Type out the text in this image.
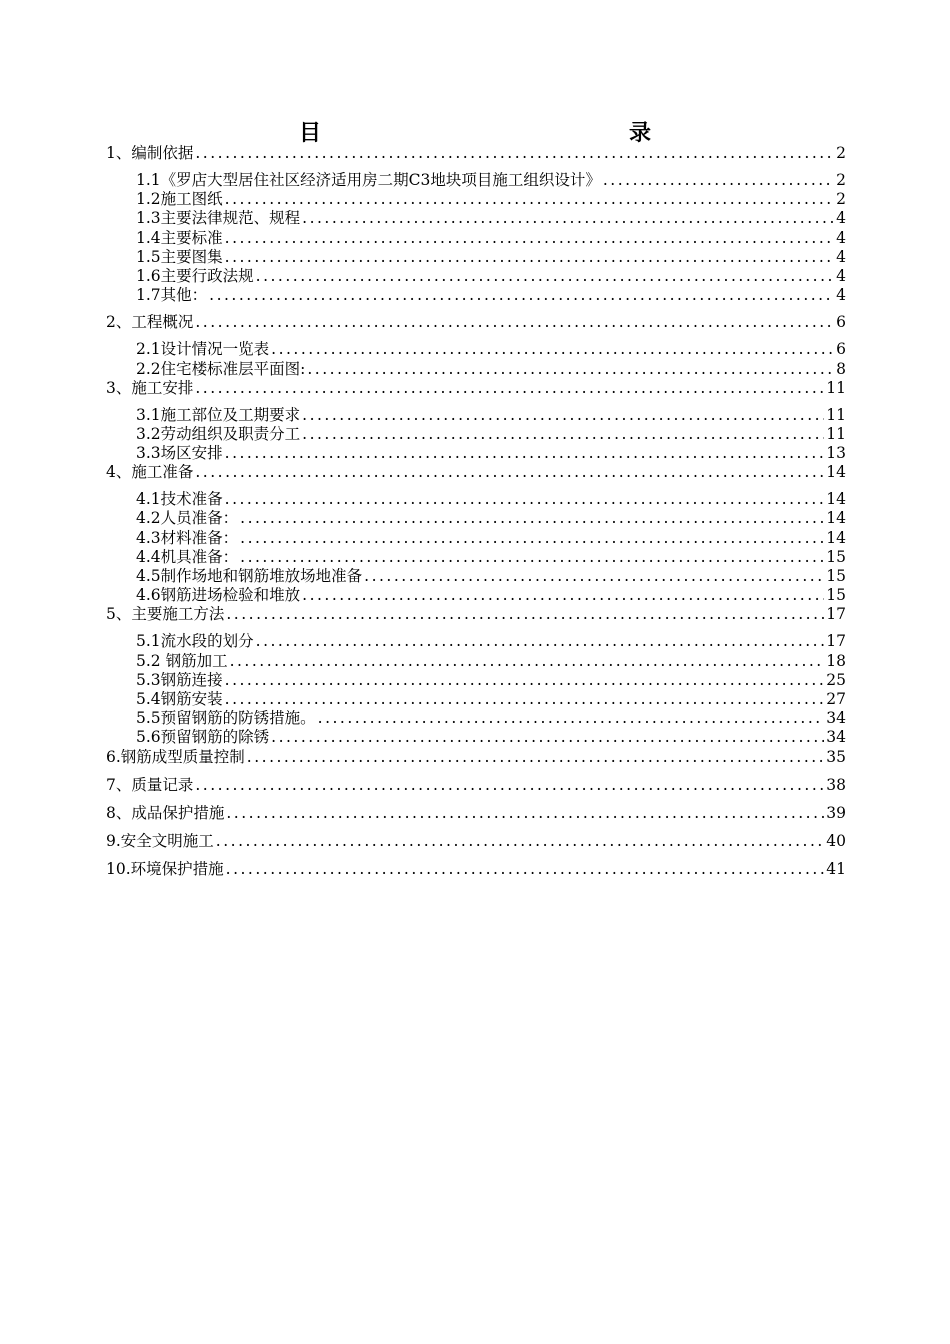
目　　录
1、编制依据 .....	2
1.1《罗店大型居住社区经济适用房二期C3地块项目施工组织设计》 .....	2
1.2施工图纸 .....	2
1.3主要法律规范、规程 .....	4
1.4主要标准 .....	4
1.5主要图集 .....	4
1.6主要行政法规 .....	4
1.7其他： .....	4
2、工程概况 .....	6
2.1设计情况一览表 .....	6
2.2住宅楼标准层平面图: .....	8
3、施工安排 .....	11
3.1施工部位及工期要求 .....	11
3.2劳动组织及职责分工 .....	11
3.3场区安排 .....	13
4、施工准备 .....	14
4.1技术准备 .....	14
4.2人员准备： .....	14
4.3材料准备： .....	14
4.4机具准备： .....	15
4.5制作场地和钢筋堆放场地准备 .....	15
4.6钢筋进场检验和堆放 .....	15
5、主要施工方法 .....	17
5.1流水段的划分 .....	17
5.2 钢筋加工 .....	18
5.3钢筋连接 .....	25
5.4钢筋安装 .....	27
5.5预留钢筋的防锈措施。 .....	34
5.6预留钢筋的除锈 .....	34
6.钢筋成型质量控制 .....	35
7、质量记录 .....	38
8、成品保护措施 .....	39
9.安全文明施工 .....	40
10.环境保护措施 .....	41
